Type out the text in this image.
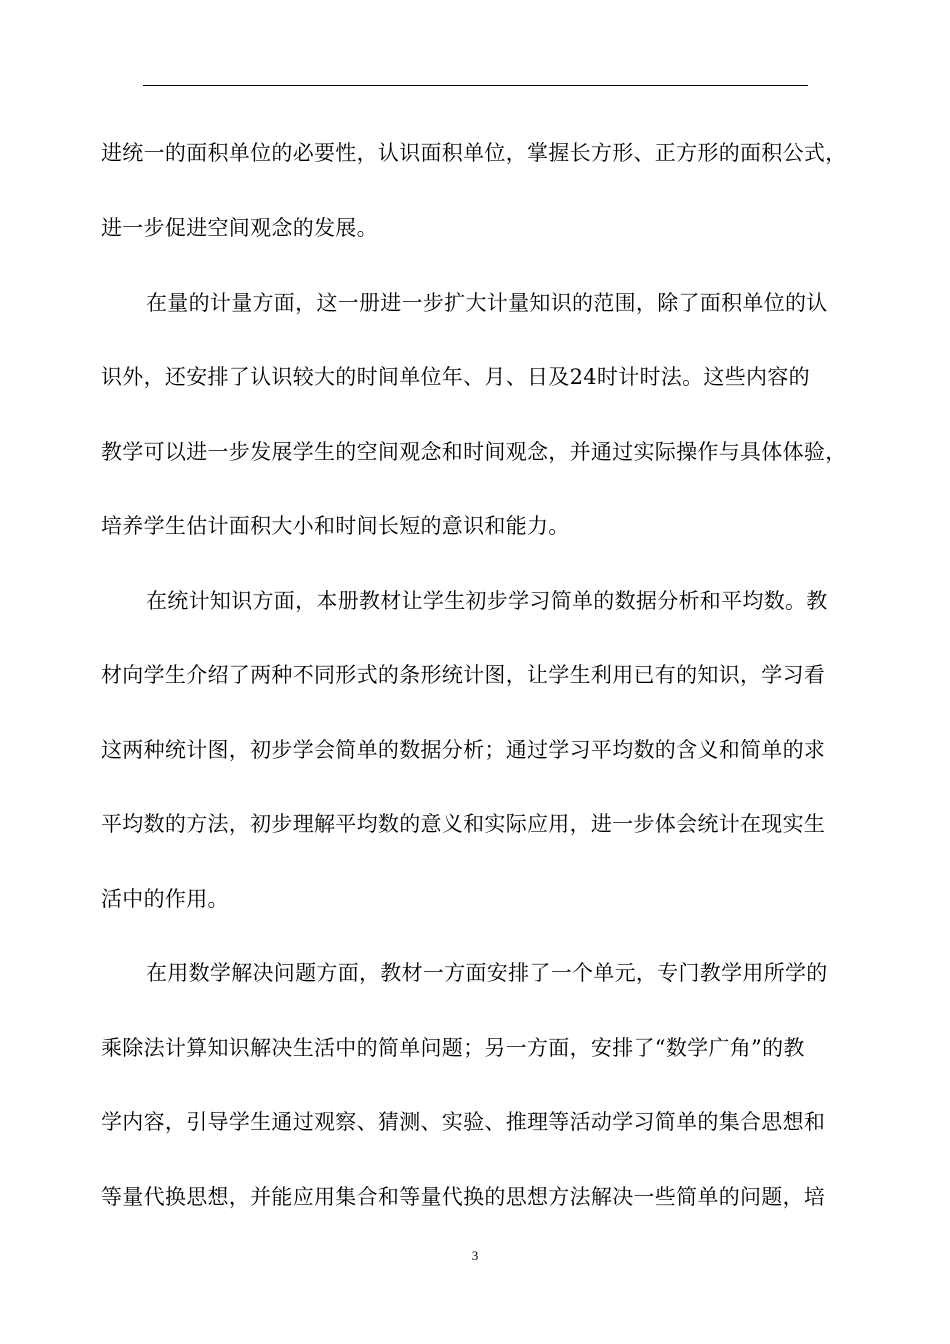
进统一的面积单位的必要性，认识面积单位，掌握长方形、正方形的面积公式，
进一步促进空间观念的发展。
在量的计量方面，这一册进一步扩大计量知识的范围，除了面积单位的认
识外，还安排了认识较大的时间单位年、月、日及24时计时法。这些内容的
教学可以进一步发展学生的空间观念和时间观念，并通过实际操作与具体体验，
培养学生估计面积大小和时间长短的意识和能力。
在统计知识方面，本册教材让学生初步学习简单的数据分析和平均数。教
材向学生介绍了两种不同形式的条形统计图，让学生利用已有的知识，学习看
这两种统计图，初步学会简单的数据分析；通过学习平均数的含义和简单的求
平均数的方法，初步理解平均数的意义和实际应用，进一步体会统计在现实生
活中的作用。
在用数学解决问题方面，教材一方面安排了一个单元，专门教学用所学的
乘除法计算知识解决生活中的简单问题；另一方面，安排了“数学广角”的教
学内容，引导学生通过观察、猜测、实验、推理等活动学习简单的集合思想和
等量代换思想，并能应用集合和等量代换的思想方法解决一些简单的问题，培
3
